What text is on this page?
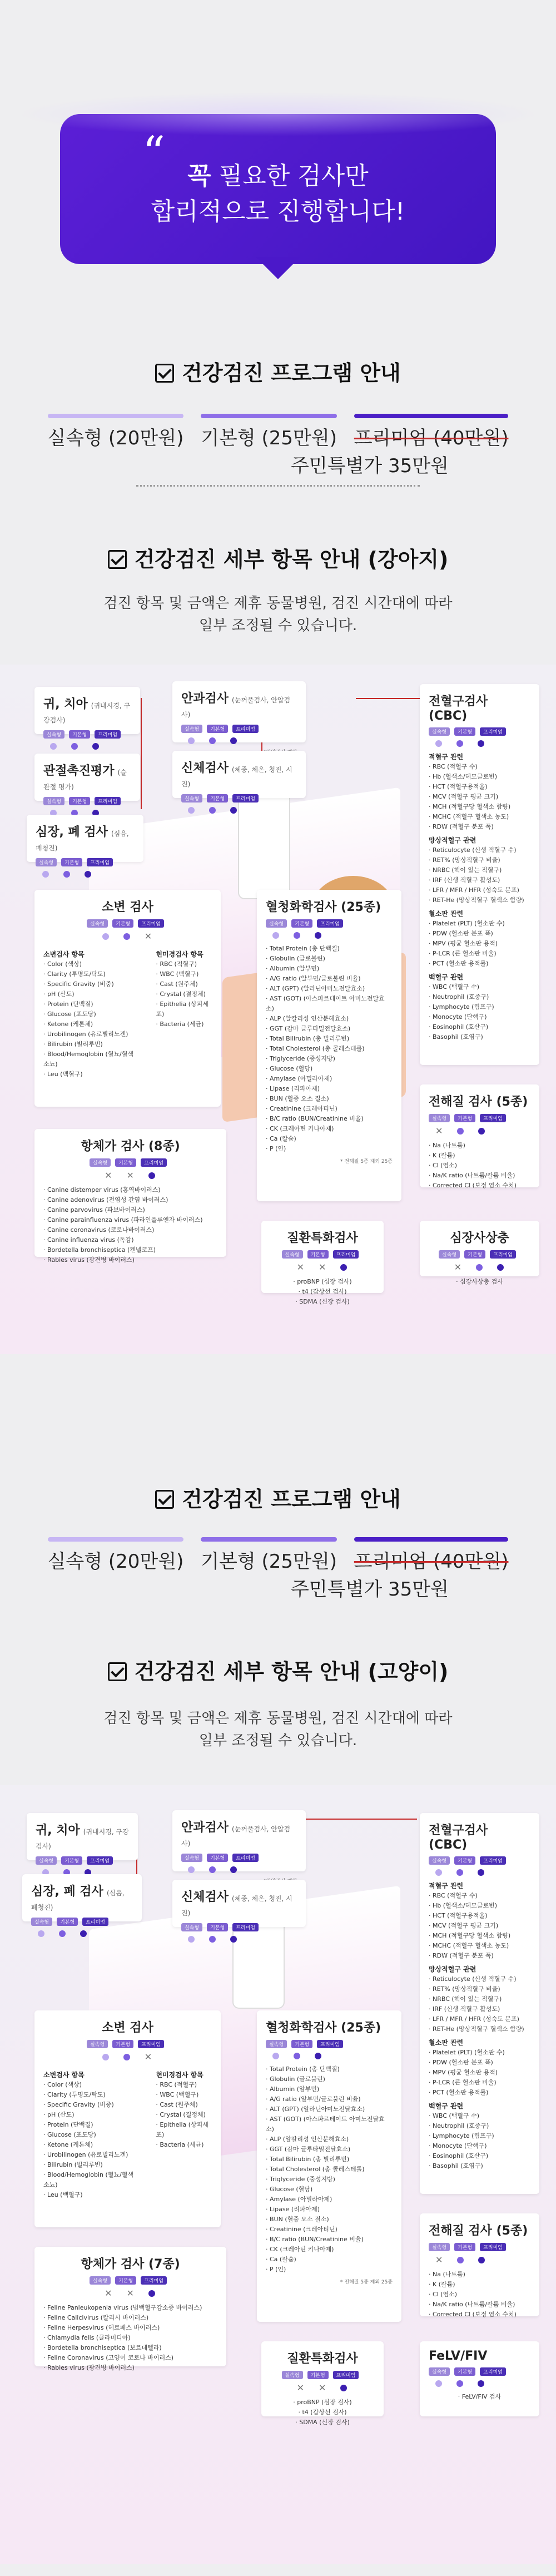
“ 꼭 필요한 검사만
합리적으로 진행합니다!
건강검진 프로그램 안내
실속형 (20만원) 기본형 (25만원) 프리미엄 (40만원)
주민특별가 35만원
건강검진 세부 항목 안내 (강아지)
검진 항목 및 금액은 제휴 동물병원, 검진 시간대에 따라
일부 조정될 수 있습니다.
귀, 치아 (귀내시경, 구강검사)
실속형 기본형 프리미엄
안과검사 (눈꺼풀검사, 안압검사)
실속형 기본형 프리미엄
관절촉진평가 (슬관절 평가)
실속형 기본형 프리미엄
신체검사 (체중, 체온, 청진, 시진)
실속형 기본형 프리미엄
심장, 폐 검사 (심음, 폐청진)
실속형 기본형 프리미엄
전혈구검사 (CBC)
실속형 기본형 프리미엄
적혈구 관련
· RBC (적혈구 수)
· Hb (혈색소/헤모글로빈)
· HCT (적혈구용적율)
· MCV (적혈구 평균 크기)
· MCH (적혈구당 혈색소 함량)
· MCHC (적혈구 혈색소 농도)
· RDW (적혈구 분포 폭)
망상적혈구 관련
· Reticulocyte (신생 적혈구 수)
· RET% (망상적혈구 비율)
· NRBC (핵이 있는 적혈구)
· IRF (신생 적혈구 활성도)
· LFR / MFR / HFR (성숙도 분포)
· RET-He (망상적혈구 혈색소 함량)
혈소판 관련
· Platelet (PLT) (혈소판 수)
· PDW (혈소판 분포 폭)
· MPV (평균 혈소판 용적)
· P-LCR (큰 혈소판 비율)
· PCT (혈소판 용적률)
백혈구 관련
· WBC (백혈구 수)
· Neutrophil (호중구)
· Lymphocyte (림프구)
· Monocyte (단핵구)
· Eosinophil (호산구)
· Basophil (호염구)
소변 검사
실속형 기본형 프리미엄
✕
소변검사 항목
· Color (색상)
· Clarity (투명도/탁도)
· Specific Gravity (비중)
· pH (산도)
· Protein (단백질)
· Glucose (포도당)
· Ketone (케톤체)
· Urobilinogen (유로빌리노겐)
· Bilirubin (빌리루빈)
· Blood/Hemoglobin (혈뇨/혈색소뇨)
· Leu (백혈구)
현미경검사 항목
· RBC (적혈구)
· WBC (백혈구)
· Cast (원주체)
· Crystal (결정체)
· Epithelia (상피세포)
· Bacteria (세균)
혈청화학검사 (25종)
실속형 기본형 프리미엄
· Total Protein (총 단백질)
· Globulin (글로불린)
· Albumin (알부민)
· A/G ratio (알부민/글로불린 비율)
· ALT (GPT) (알라닌아미노전달효소)
· AST (GOT) (아스파르테이트 아미노전달효소)
· ALP (알칼리성 인산분해효소)
· GGT (감마 글루타밀전달효소)
· Total Bilirubin (총 빌리루빈)
· Total Cholesterol (총 콜레스테롤)
· Triglyceride (중성지방)
· Glucose (혈당)
· Amylase (아밀라아제)
· Lipase (리파아제)
· BUN (혈중 요소 질소)
· Creatinine (크레아티닌)
· B/C ratio (BUN/Creatinine 비율)
· CK (크레아틴 키나아제)
· Ca (칼슘)
· P (인)
* 전해질 5종 제외 25종
전해질 검사 (5종)
실속형 기본형 프리미엄
✕
· Na (나트륨)
· K (칼륨)
· Cl (염소)
· Na/K ratio (나트륨/칼륨 비율)
· Corrected Cl (보정 염소 수치)
항체가 검사 (8종)
실속형 기본형 프리미엄
✕ ✕
· Canine distemper virus (홍역바이러스)
· Canine adenovirus (전염성 간염 바이러스)
· Canine parvovirus (파보바이러스)
· Canine parainfluenza virus (파라인플루엔자 바이러스)
· Canine coronavirus (코로나바이러스)
· Canine influenza virus (독감)
· Bordetella bronchiseptica (켄넬코프)
· Rabies virus (광견병 바이러스)
질환특화검사
실속형 기본형 프리미엄
✕ ✕
· proBNP (심장 검사)
· t4 (갑상선 검사)
· SDMA (신장 검사)
심장사상충
실속형 기본형 프리미엄
✕
· 심장사상충 검사
건강검진 프로그램 안내
실속형 (20만원) 기본형 (25만원) 프리미엄 (40만원)
주민특별가 35만원
건강검진 세부 항목 안내 (고양이)
검진 항목 및 금액은 제휴 동물병원, 검진 시간대에 따라
일부 조정될 수 있습니다.
귀, 치아 (귀내시경, 구강검사)
실속형 기본형 프리미엄
안과검사 (눈꺼풀검사, 안압검사)
실속형 기본형 프리미엄
심장, 폐 검사 (심음, 폐청진)
실속형 기본형 프리미엄
신체검사 (체중, 체온, 청진, 시진)
실속형 기본형 프리미엄
전혈구검사 (CBC)
실속형 기본형 프리미엄
적혈구 관련
· RBC (적혈구 수)
· Hb (혈색소/헤모글로빈)
· HCT (적혈구용적율)
· MCV (적혈구 평균 크기)
· MCH (적혈구당 혈색소 함량)
· MCHC (적혈구 혈색소 농도)
· RDW (적혈구 분포 폭)
망상적혈구 관련
· Reticulocyte (신생 적혈구 수)
· RET% (망상적혈구 비율)
· NRBC (핵이 있는 적혈구)
· IRF (신생 적혈구 활성도)
· LFR / MFR / HFR (성숙도 분포)
· RET-He (망상적혈구 혈색소 함량)
혈소판 관련
· Platelet (PLT) (혈소판 수)
· PDW (혈소판 분포 폭)
· MPV (평균 혈소판 용적)
· P-LCR (큰 혈소판 비율)
· PCT (혈소판 용적률)
백혈구 관련
· WBC (백혈구 수)
· Neutrophil (호중구)
· Lymphocyte (림프구)
· Monocyte (단핵구)
· Eosinophil (호산구)
· Basophil (호염구)
소변 검사
실속형 기본형 프리미엄
✕
소변검사 항목
· Color (색상)
· Clarity (투명도/탁도)
· Specific Gravity (비중)
· pH (산도)
· Protein (단백질)
· Glucose (포도당)
· Ketone (케톤체)
· Urobilinogen (유로빌리노겐)
· Bilirubin (빌리루빈)
· Blood/Hemoglobin (혈뇨/혈색소뇨)
· Leu (백혈구)
현미경검사 항목
· RBC (적혈구)
· WBC (백혈구)
· Cast (원주체)
· Crystal (결정체)
· Epithelia (상피세포)
· Bacteria (세균)
혈청화학검사 (25종)
실속형 기본형 프리미엄
· Total Protein (총 단백질)
· Globulin (글로불린)
· Albumin (알부민)
· A/G ratio (알부민/글로불린 비율)
· ALT (GPT) (알라닌아미노전달효소)
· AST (GOT) (아스파르테이트 아미노전달효소)
· ALP (알칼리성 인산분해효소)
· GGT (감마 글루타밀전달효소)
· Total Bilirubin (총 빌리루빈)
· Total Cholesterol (총 콜레스테롤)
· Triglyceride (중성지방)
· Glucose (혈당)
· Amylase (아밀라아제)
· Lipase (리파아제)
· BUN (혈중 요소 질소)
· Creatinine (크레아티닌)
· B/C ratio (BUN/Creatinine 비율)
· CK (크레아틴 키나아제)
· Ca (칼슘)
· P (인)
* 전해질 5종 제외 25종
전해질 검사 (5종)
실속형 기본형 프리미엄
✕
· Na (나트륨)
· K (칼륨)
· Cl (염소)
· Na/K ratio (나트륨/칼륨 비율)
· Corrected Cl (보정 염소 수치)
항체가 검사 (7종)
실속형 기본형 프리미엄
✕ ✕
· Feline Panleukopenia virus (범백혈구감소증 바이러스)
· Feline Calicivirus (칼리시 바이러스)
· Feline Herpesvirus (헤르페스 바이러스)
· Chlamydia felis (클라미디아)
· Bordetella bronchiseptica (보르데텔라)
· Feline Coronavirus (고양이 코로나 바이러스)
· Rabies virus (광견병 바이러스)
질환특화검사
실속형 기본형 프리미엄
✕ ✕
· proBNP (심장 검사)
· t4 (갑상선 검사)
· SDMA (신장 검사)
FeLV/FIV
실속형 기본형 프리미엄
· FeLV/FIV 검사
